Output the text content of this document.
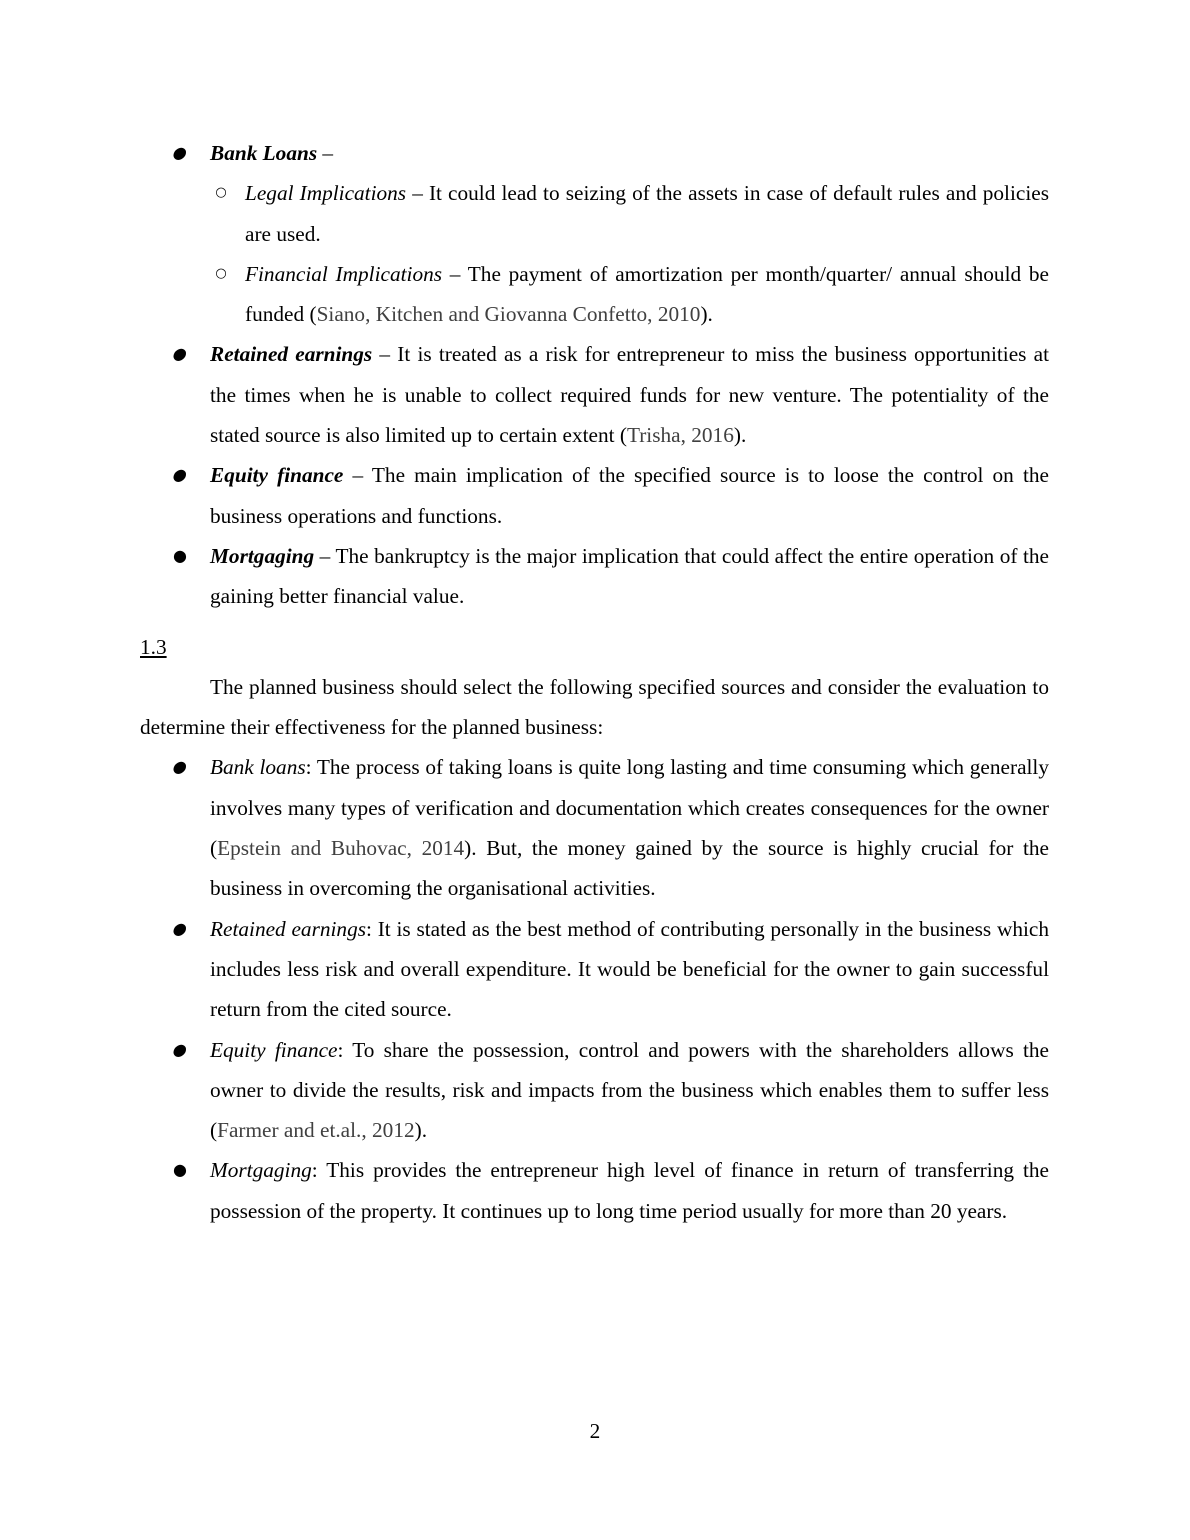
● Bank Loans –
○ Legal Implications – It could lead to seizing of the assets in case of default rules and policies are used.
○ Financial Implications – The payment of amortization per month/quarter/ annual should be funded (Siano, Kitchen and Giovanna Confetto, 2010).
● Retained earnings – It is treated as a risk for entrepreneur to miss the business opportunities at the times when he is unable to collect required funds for new venture. The potentiality of the stated source is also limited up to certain extent (Trisha, 2016).
● Equity finance – The main implication of the specified source is to loose the control on the business operations and functions.
● Mortgaging – The bankruptcy is the major implication that could affect the entire operation of the gaining better financial value.
1.3
The planned business should select the following specified sources and consider the evaluation to determine their effectiveness for the planned business:
● Bank loans: The process of taking loans is quite long lasting and time consuming which generally involves many types of verification and documentation which creates consequences for the owner (Epstein and Buhovac, 2014). But, the money gained by the source is highly crucial for the business in overcoming the organisational activities.
● Retained earnings: It is stated as the best method of contributing personally in the business which includes less risk and overall expenditure. It would be beneficial for the owner to gain successful return from the cited source.
● Equity finance: To share the possession, control and powers with the shareholders allows the owner to divide the results, risk and impacts from the business which enables them to suffer less (Farmer and et.al., 2012).
● Mortgaging: This provides the entrepreneur high level of finance in return of transferring the possession of the property. It continues up to long time period usually for more than 20 years.
2
